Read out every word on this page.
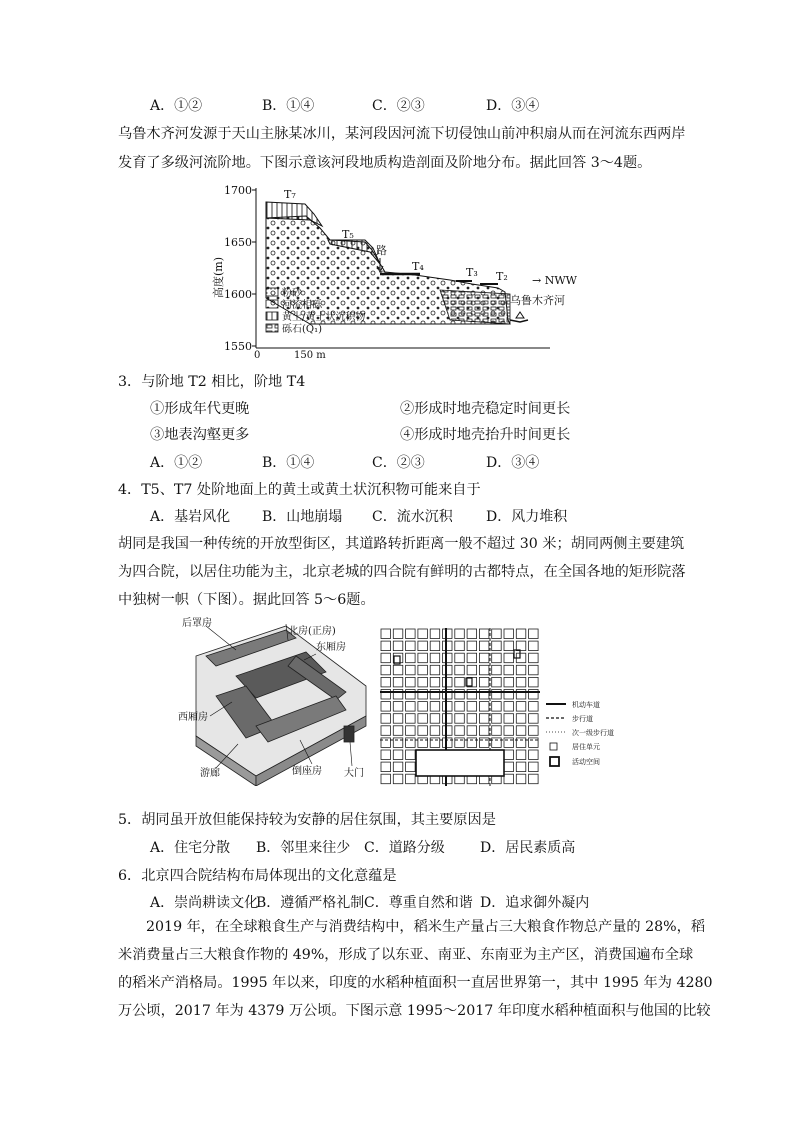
A．①②	B．①④	C．②③	D．③④
乌鲁木齐河发源于天山主脉某冰川，某河段因河流下切侵蚀山前冲积扇从而在河流东西两岸
发育了多级河流阶地。下图示意该河段地质构造剖面及阶地分布。据此回答 3～4题。
1700
1650
1600
1550
0	150 m
高度(m)
T₇
T₅
T₄	T₃ T₂
路
→ NWW
乌鲁木齐河
粉砂
河流相砾
黄土/黄土状沉积物
砾石(Q₁)
3．与阶地 T2 相比，阶地 T4
①形成年代更晚	②形成时地壳稳定时间更长
③地表沟壑更多	④形成时地壳抬升时间更长
A．①②	B．①④	C．②③	D．③④
4．T5、T7 处阶地面上的黄土或黄土状沉积物可能来自于
A．基岩风化 B．山地崩塌 C．流水沉积 D．风力堆积
胡同是我国一种传统的开放型街区，其道路转折距离一般不超过 30 米；胡同两侧主要建筑
为四合院，以居住功能为主，北京老城的四合院有鲜明的古都特点，在全国各地的矩形院落
中独树一帜（下图）。据此回答 5～6题。
后罩房
北房(正房)
东厢房
西厢房
游廊	倒座房 大门
机动车道
步行道
次一级步行道
居住单元
活动空间
5．胡同虽开放但能保持较为安静的居住氛围，其主要原因是
A．住宅分散 B．邻里来往少 C．道路分级	D．居民素质高
6．北京四合院结构布局体现出的文化意蕴是
A．崇尚耕读文化
B．遵循严格礼制 C．尊重自然和谐 D．追求御外凝内
2019 年，在全球粮食生产与消费结构中，稻米生产量占三大粮食作物总产量的 28%，稻
米消费量占三大粮食作物的 49%，形成了以东亚、南亚、东南亚为主产区，消费国遍布全球
的稻米产消格局。1995 年以来，印度的水稻种植面积一直居世界第一，其中 1995 年为 4280
万公顷，2017 年为 4379 万公顷。下图示意 1995～2017 年印度水稻种植面积与他国的比较
